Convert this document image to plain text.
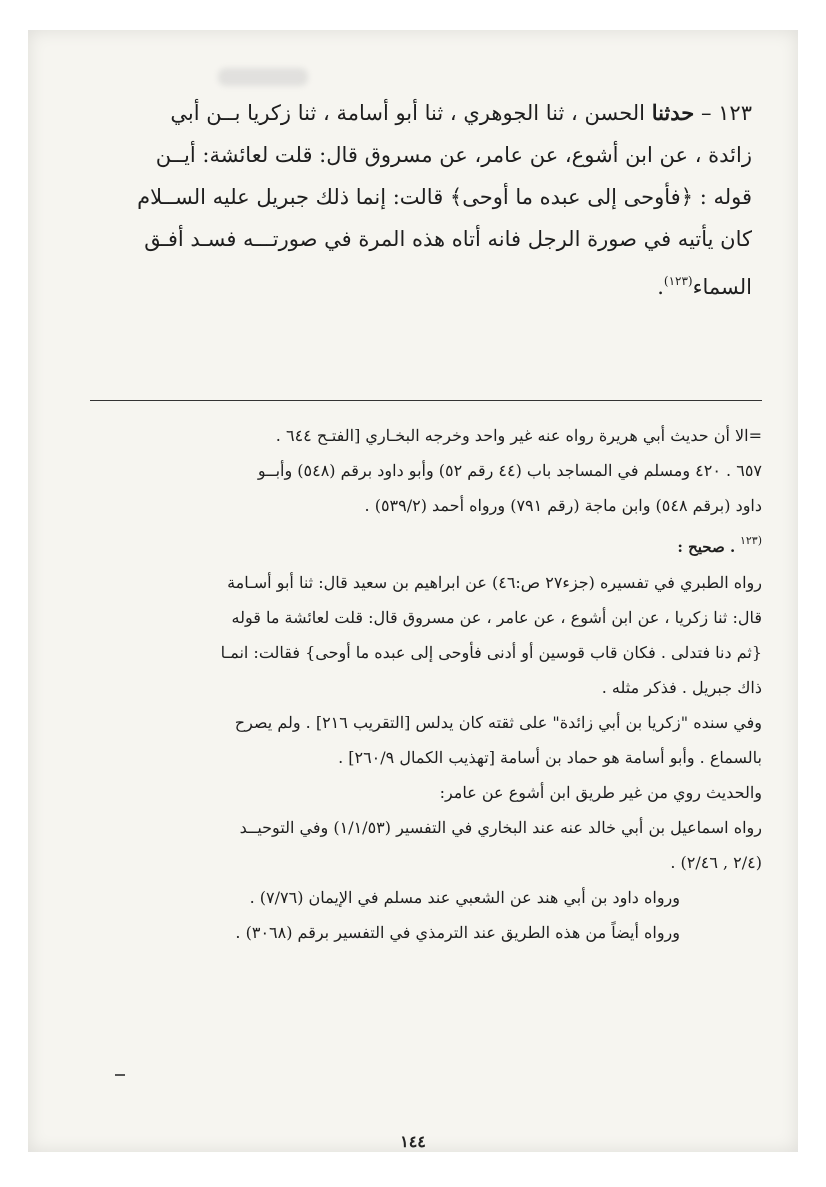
١٢٣ – حدثنا الحسن ، ثنا الجوهري ، ثنا أبو أسامة ، ثنا زكريا بــن أبي
زائدة ، عن ابن أشوع، عن عامر، عن مسروق قال: قلت لعائشة: أيــن
قوله : ﴿فأوحى إلى عبده ما أوحى﴾ قالت: إنما ذلك جبريل عليه الســلام
كان يأتيه في صورة الرجل فانه أتاه هذه المرة في صورتـــه فسـد أفـق
السماء$^{(١٢٣)}$.
=الا أن حديث أبي هريرة رواه عنه غير واحد وخرجه البخـاري [الفتـح ٦٤٤ .
٦٥٧ . ٤٢٠ ومسلم في المساجد باب (٤٤ رقم ٥٢) وأبو داود برقم (٥٤٨) وأبــو
داود (برقم ٥٤٨) وابن ماجة (رقم ٧٩١) ورواه أحمد (٥٣٩/٢) .
$^{(١٢٣}$ . صحيح :
رواه الطبري في تفسيره (جزء٢٧ ص:٤٦) عن ابراهيم بن سعيد قال: ثنا أبو أسـامة
قال: ثنا زكريا ، عن ابن أشوع ، عن عامر ، عن مسروق قال: قلت لعائشة ما قوله
{ثم دنا فتدلى . فكان قاب قوسين أو أدنى فأوحى إلى عبده ما أوحى} فقالت: انمـا
ذاك جبريل . فذكر مثله .
وفي سنده "زكريا بن أبي زائدة" على ثقته كان يدلس [التقريب ٢١٦] . ولم يصرح
بالسماع . وأبو أسامة هو حماد بن أسامة [تهذيب الكمال ٢٦٠/٩] .
والحديث روي من غير طريق ابن أشوع عن عامر:
رواه اسماعيل بن أبي خالد عنه عند البخاري في التفسير (١/١/٥٣) وفي التوحيــد
(٢/٤ , ٢/٤٦) .
ورواه داود بن أبي هند عن الشعبي عند مسلم في الإيمان (٧/٧٦) .
ورواه أيضاً من هذه الطريق عند الترمذي في التفسير برقم (٣٠٦٨) .
١٤٤
